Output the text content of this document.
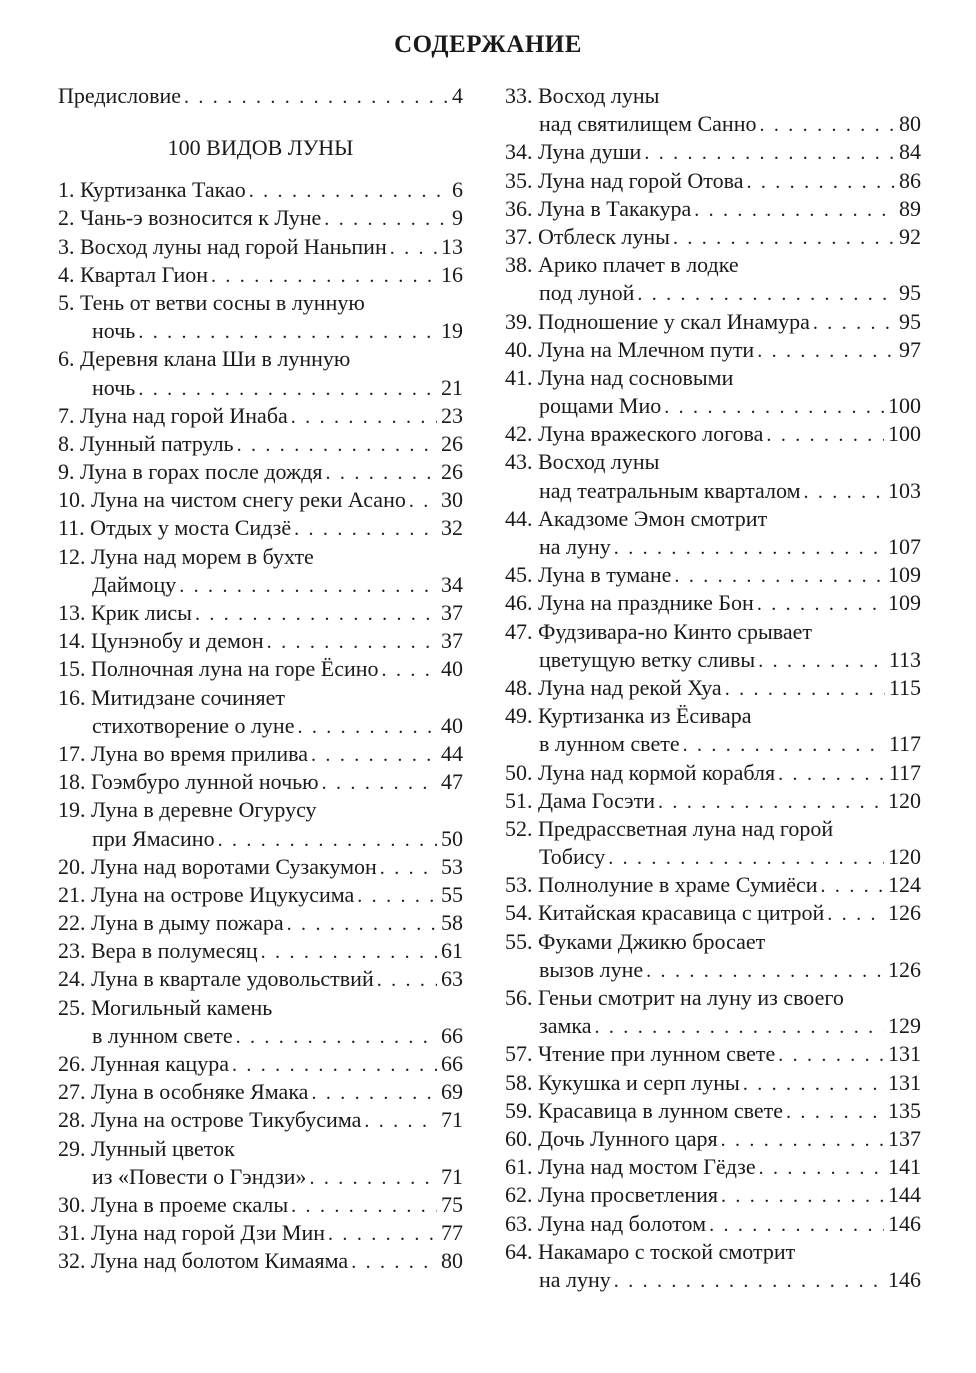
СОДЕРЖАНИЕ
Предисловие . . .	4
100 ВИДОВ ЛУНЫ
1. Куртизанка Такао . . .	6
2. Чань-э возносится к Луне . . .	9
3. Восход луны над горой Наньпин . . . 13
4. Квартал Гион . . .	16
5. Тень от ветви сосны в лунную
ночь . . .	19
6. Деревня клана Ши в лунную
ночь . . .	21
7. Луна над горой Инаба . . .	23
8. Лунный патруль . . .	26
9. Луна в горах после дождя . . .	26
10. Луна на чистом снегу реки Асано . . . 30
11. Отдых у моста Сидзё . . .	32
12. Луна над морем в бухте
Даймоцу . . .	34
13. Крик лисы . . .	37
14. Цунэнобу и демон . . .	37
15. Полночная луна на горе Ёсино . . .	40
16. Митидзане сочиняет
стихотворение о луне . . .	40
17. Луна во время прилива . . .	44
18. Гоэмбуро лунной ночью . . .	47
19. Луна в деревне Огурусу
при Ямасино . . .	50
20. Луна над воротами Сузакумон . . .	53
21. Луна на острове Ицукусима . . .	55
22. Луна в дыму пожара . . .	58
23. Вера в полумесяц . . .	61
24. Луна в квартале удовольствий . . .	63
25. Могильный камень
в лунном свете . . .	66
26. Лунная кацура . . .	66
27. Луна в особняке Ямака . . .	69
28. Луна на острове Тикубусима . . .	71
29. Лунный цветок
из «Повести о Гэндзи» . . .	71
30. Луна в проеме скалы . . .	75
31. Луна над горой Дзи Мин . . .	77
32. Луна над болотом Кимаяма . . .	80
33. Восход луны
над святилищем Санно . . .	80
34. Луна души . . .	84
35. Луна над горой Отова . . .	86
36. Луна в Такакура . . .	89
37. Отблеск луны . . .	92
38. Арико плачет в лодке
под луной . . .	95
39. Подношение у скал Инамура . . .	95
40. Луна на Млечном пути . . .	97
41. Луна над сосновыми
рощами Мио . . .	100
42. Луна вражеского логова . . .	100
43. Восход луны
над театральным кварталом . . .	103
44. Акадзоме Эмон смотрит
на луну . . .	107
45. Луна в тумане . . .	109
46. Луна на празднике Бон . . .	109
47. Фудзивара-но Кинто срывает
цветущую ветку сливы . . .	113
48. Луна над рекой Хуа . . .	115
49. Куртизанка из Ёсивара
в лунном свете . . .	117
50. Луна над кормой корабля . . .	117
51. Дама Госэти . . .	120
52. Предрассветная луна над горой
Тобису . . .	120
53. Полнолуние в храме Сумиёси . . .	124
54. Китайская красавица с цитрой . . .	126
55. Фуками Джикю бросает
вызов луне . . .	126
56. Геньи смотрит на луну из своего
замка . . .	129
57. Чтение при лунном свете . . .	131
58. Кукушка и серп луны . . .	131
59. Красавица в лунном свете . . .	135
60. Дочь Лунного царя . . .	137
61. Луна над мостом Гёдзе . . .	141
62. Луна просветления . . .	144
63. Луна над болотом . . .	146
64. Накамаро с тоской смотрит
на луну . . .	146
